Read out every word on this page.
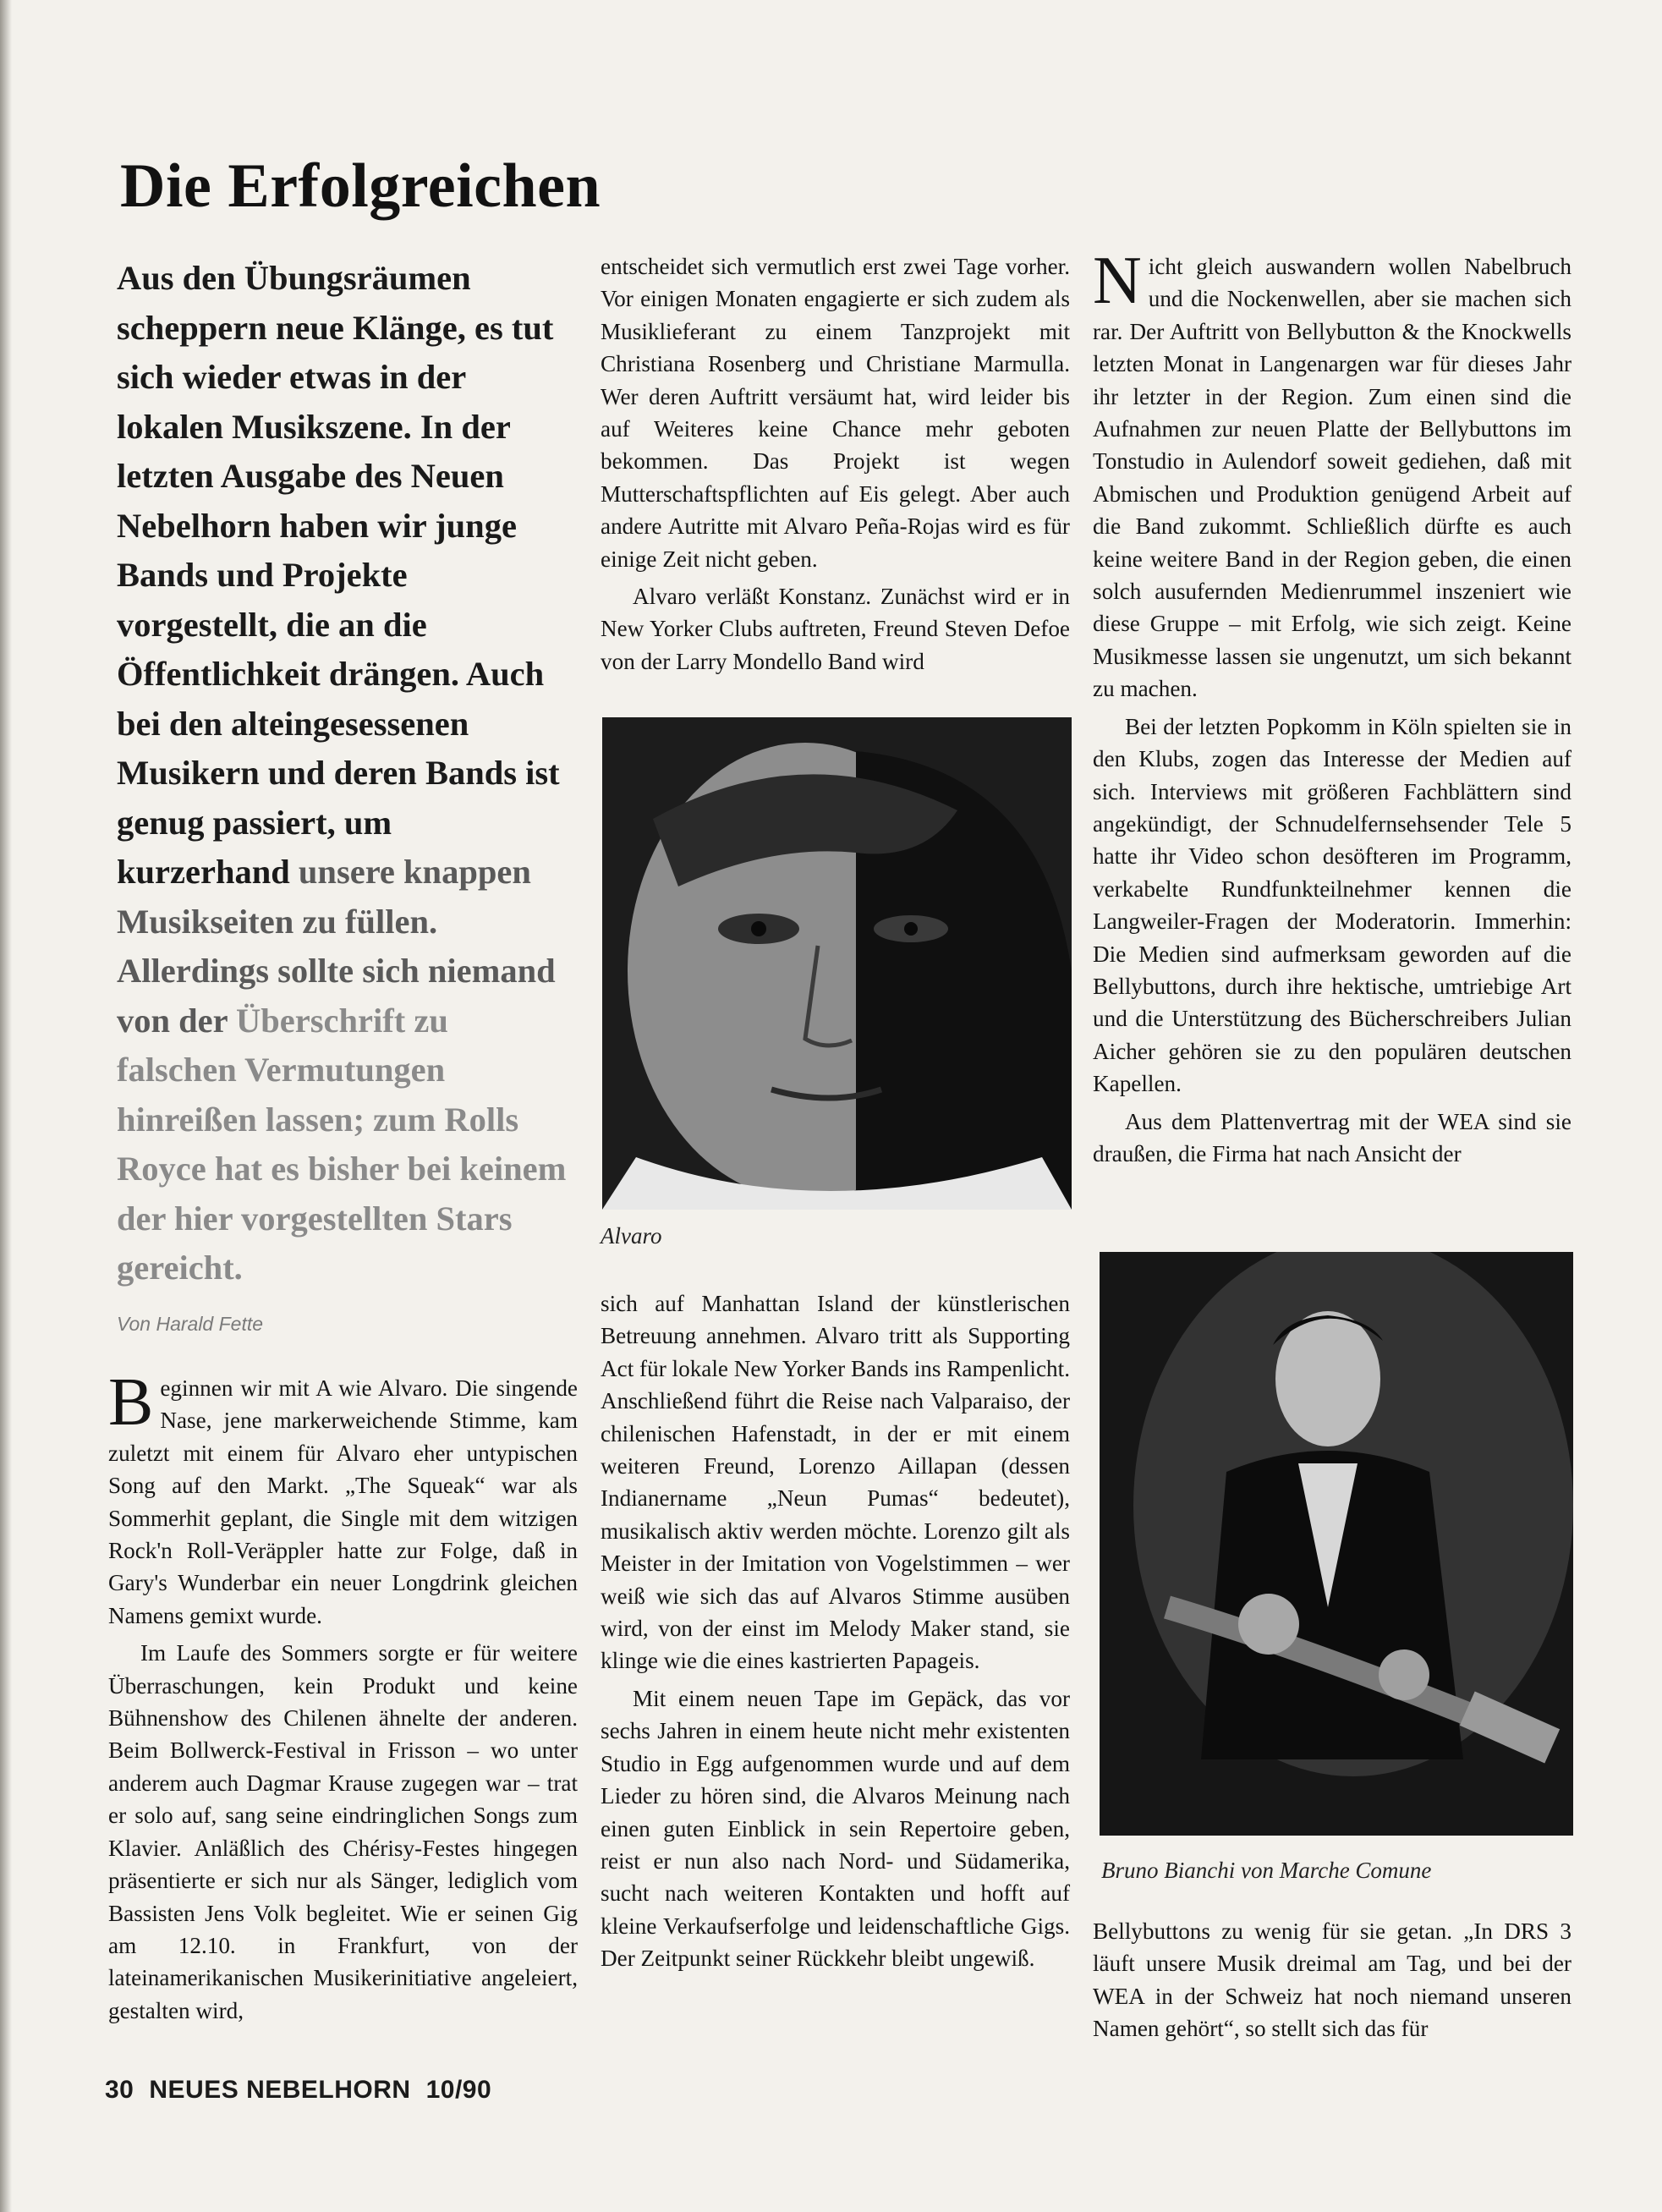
Die Erfolgreichen
Aus den Übungsräumen scheppern neue Klänge, es tut sich wieder etwas in der lokalen Musikszene. In der letzten Ausgabe des Neuen Nebelhorn haben wir junge Bands und Projekte vorgestellt, die an die Öffentlichkeit drängen. Auch bei den alteingesessenen Musikern und deren Bands ist genug passiert, um kurzerhand unsere knappen Musikseiten zu füllen. Allerdings sollte sich niemand von der Überschrift zu falschen Vermutungen hinreißen lassen; zum Rolls Royce hat es bisher bei keinem der hier vorgestellten Stars gereicht.
Von Harald Fette

Beginnen wir mit A wie Alvaro. Die singende Nase, jene markerweichende Stimme, kam zuletzt mit einem für Alvaro eher untypischen Song auf den Markt. „The Squeak“ war als Sommerhit geplant, die Single mit dem witzigen Rock'n Roll-Veräppler hatte zur Folge, daß in Gary's Wunderbar ein neuer Longdrink gleichen Namens gemixt wurde.

Im Laufe des Sommers sorgte er für weitere Überraschungen, kein Produkt und keine Bühnenshow des Chilenen ähnelte der anderen. Beim Bollwerck-Festival in Frisson – wo unter anderem auch Dagmar Krause zugegen war – trat er solo auf, sang seine eindringlichen Songs zum Klavier. Anläßlich des Chérisy-Festes hingegen präsentierte er sich nur als Sänger, lediglich vom Bassisten Jens Volk begleitet. Wie er seinen Gig am 12.10. in Frankfurt, von der lateinamerikanischen Musikerinitiative angeleiert, gestalten wird,

entscheidet sich vermutlich erst zwei Tage vorher. Vor einigen Monaten engagierte er sich zudem als Musiklieferant zu einem Tanzprojekt mit Christiana Rosenberg und Christiane Marmulla. Wer deren Auftritt versäumt hat, wird leider bis auf Weiteres keine Chance mehr geboten bekommen. Das Projekt ist wegen Mutterschaftspflichten auf Eis gelegt. Aber auch andere Autritte mit Alvaro Peña-Rojas wird es für einige Zeit nicht geben.

Alvaro verläßt Konstanz. Zunächst wird er in New Yorker Clubs auftreten, Freund Steven Defoe von der Larry Mondello Band wird

Alvaro

sich auf Manhattan Island der künstlerischen Betreuung annehmen. Alvaro tritt als Supporting Act für lokale New Yorker Bands ins Rampenlicht. Anschließend führt die Reise nach Valparaiso, der chilenischen Hafenstadt, in der er mit einem weiteren Freund, Lorenzo Aillapan (dessen Indianername „Neun Pumas“ bedeutet), musikalisch aktiv werden möchte. Lorenzo gilt als Meister in der Imitation von Vogelstimmen – wer weiß wie sich das auf Alvaros Stimme ausüben wird, von der einst im Melody Maker stand, sie klinge wie die eines kastrierten Papageis.

Mit einem neuen Tape im Gepäck, das vor sechs Jahren in einem heute nicht mehr existenten Studio in Egg aufgenommen wurde und auf dem Lieder zu hören sind, die Alvaros Meinung nach einen guten Einblick in sein Repertoire geben, reist er nun also nach Nord- und Südamerika, sucht nach weiteren Kontakten und hofft auf kleine Verkaufserfolge und leidenschaftliche Gigs. Der Zeitpunkt seiner Rückkehr bleibt ungewiß.

Nicht gleich auswandern wollen Nabelbruch und die Nockenwellen, aber sie machen sich rar. Der Auftritt von Bellybutton & the Knockwells letzten Monat in Langenargen war für dieses Jahr ihr letzter in der Region. Zum einen sind die Aufnahmen zur neuen Platte der Bellybuttons im Tonstudio in Aulendorf soweit gediehen, daß mit Abmischen und Produktion genügend Arbeit auf die Band zukommt. Schließlich dürfte es auch keine weitere Band in der Region geben, die einen solch ausufernden Medienrummel inszeniert wie diese Gruppe – mit Erfolg, wie sich zeigt. Keine Musikmesse lassen sie ungenutzt, um sich bekannt zu machen.

Bei der letzten Popkomm in Köln spielten sie in den Klubs, zogen das Interesse der Medien auf sich. Interviews mit größeren Fachblättern sind angekündigt, der Schnudelfernsehsender Tele 5 hatte ihr Video schon desöfteren im Programm, verkabelte Rundfunkteilnehmer kennen die Langweiler-Fragen der Moderatorin. Immerhin: Die Medien sind aufmerksam geworden auf die Bellybuttons, durch ihre hektische, umtriebige Art und die Unterstützung des Bücherschreibers Julian Aicher gehören sie zu den populären deutschen Kapellen.

Aus dem Plattenvertrag mit der WEA sind sie draußen, die Firma hat nach Ansicht der

Bruno Bianchi von Marche Comune

Bellybuttons zu wenig für sie getan. „In DRS 3 läuft unsere Musik dreimal am Tag, und bei der WEA in der Schweiz hat noch niemand unseren Namen gehört“, so stellt sich das für

30 NEUES NEBELHORN 10/90
